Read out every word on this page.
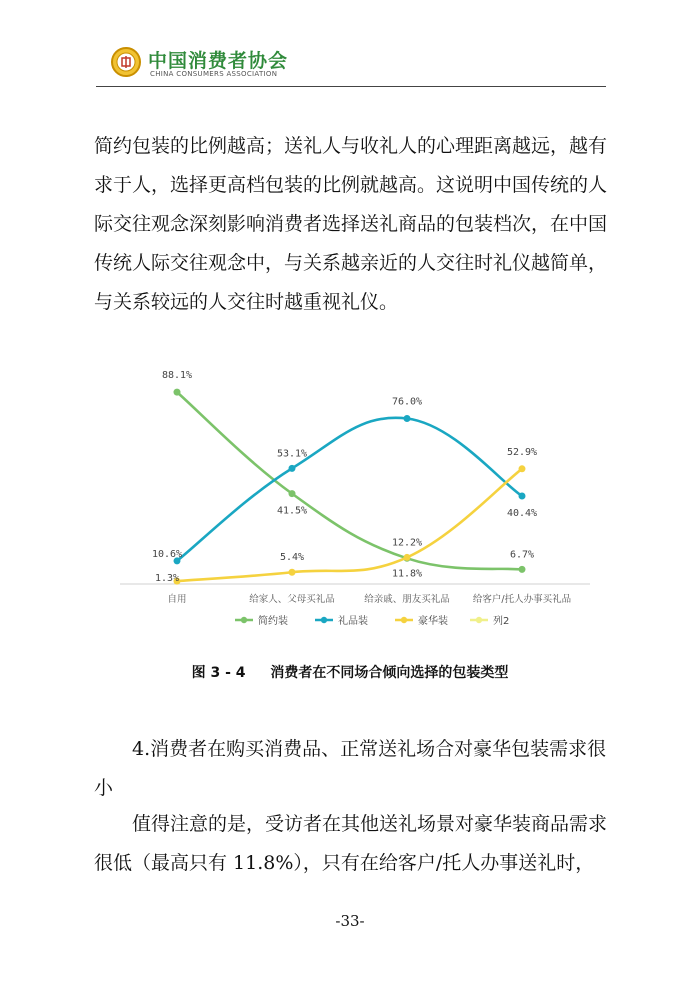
中国消费者协会
CHINA CONSUMERS ASSOCIATION
简约包装的比例越高；送礼人与收礼人的心理距离越远，越有
求于人，选择更高档包装的比例就越高。这说明中国传统的人
际交往观念深刻影响消费者选择送礼商品的包装档次，在中国
传统人际交往观念中，与关系越亲近的人交往时礼仪越简单，
与关系较远的人交往时越重视礼仪。
自用	给家人、父母买礼品	给亲戚、朋友买礼品 给客户/托人办事买礼品
88.1%
41.5%
11.8%
6.7%
10.6%
53.1%
76.0%
40.4%
1.3%
5.4%
12.2%
52.9%
简约装	礼品装	豪华装	列2
图 3 - 4 消费者在不同场合倾向选择的包装类型
4.消费者在购买消费品、正常送礼场合对豪华包装需求很
小
值得注意的是，受访者在其他送礼场景对豪华装商品需求
很低（最高只有 11.8%），只有在给客户/托人办事送礼时，
-33-
